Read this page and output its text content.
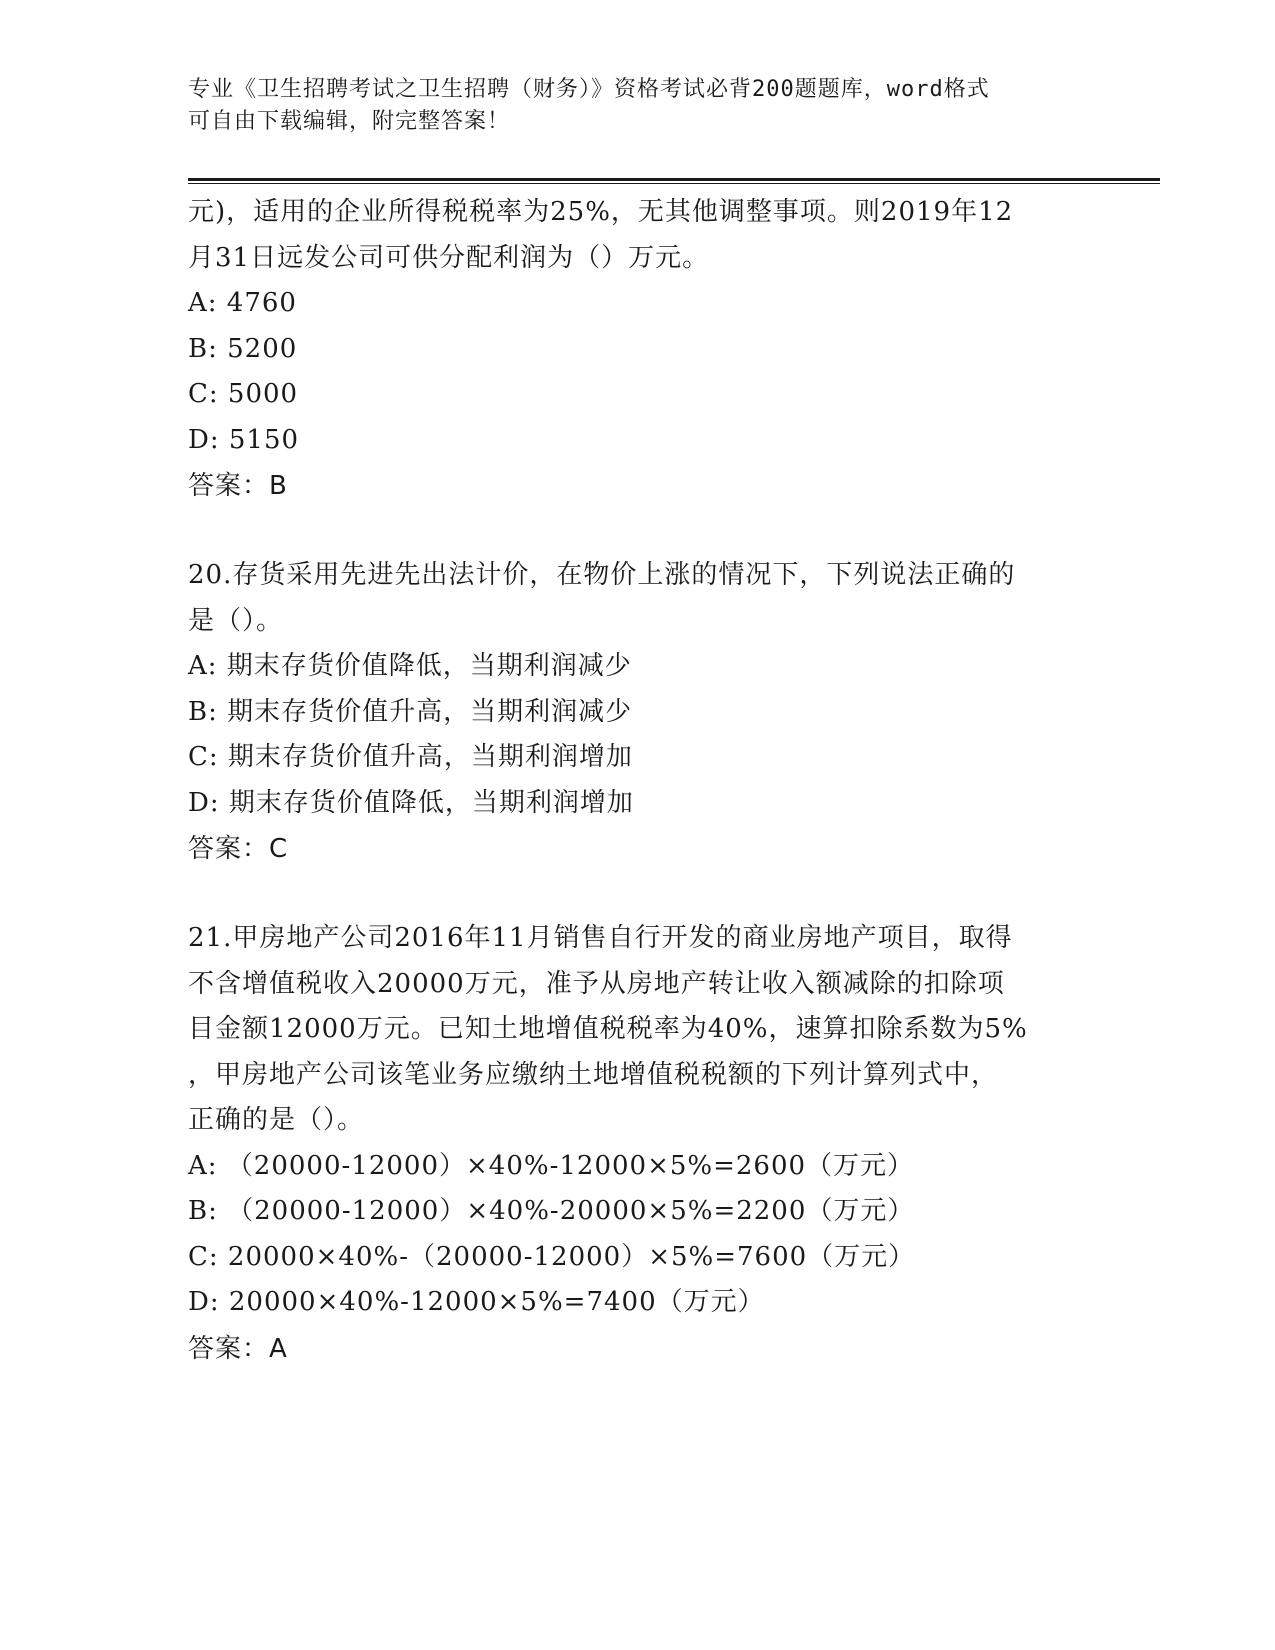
专业《卫生招聘考试之卫生招聘（财务）》资格考试必背200题题库，word格式
可自由下载编辑，附完整答案！
元)，适用的企业所得税税率为25%，无其他调整事项。则2019年12
月31日远发公司可供分配利润为（）万元。
A: 4760
B: 5200
C: 5000
D: 5150
答案：B
20.存货采用先进先出法计价，在物价上涨的情况下，下列说法正确的
是（）。
A: 期末存货价值降低，当期利润减少
B: 期末存货价值升高，当期利润减少
C: 期末存货价值升高，当期利润增加
D: 期末存货价值降低，当期利润增加
答案：C
21.甲房地产公司2016年11月销售自行开发的商业房地产项目，取得
不含增值税收入20000万元，准予从房地产转让收入额减除的扣除项
目金额12000万元。已知土地增值税税率为40%，速算扣除系数为5%
，甲房地产公司该笔业务应缴纳土地增值税税额的下列计算列式中，
正确的是（）。
A: （20000-12000）×40%-12000×5%=2600（万元）
B: （20000-12000）×40%-20000×5%=2200（万元）
C: 20000×40%-（20000-12000）×5%=7600（万元）
D: 20000×40%-12000×5%=7400（万元）
答案：A
